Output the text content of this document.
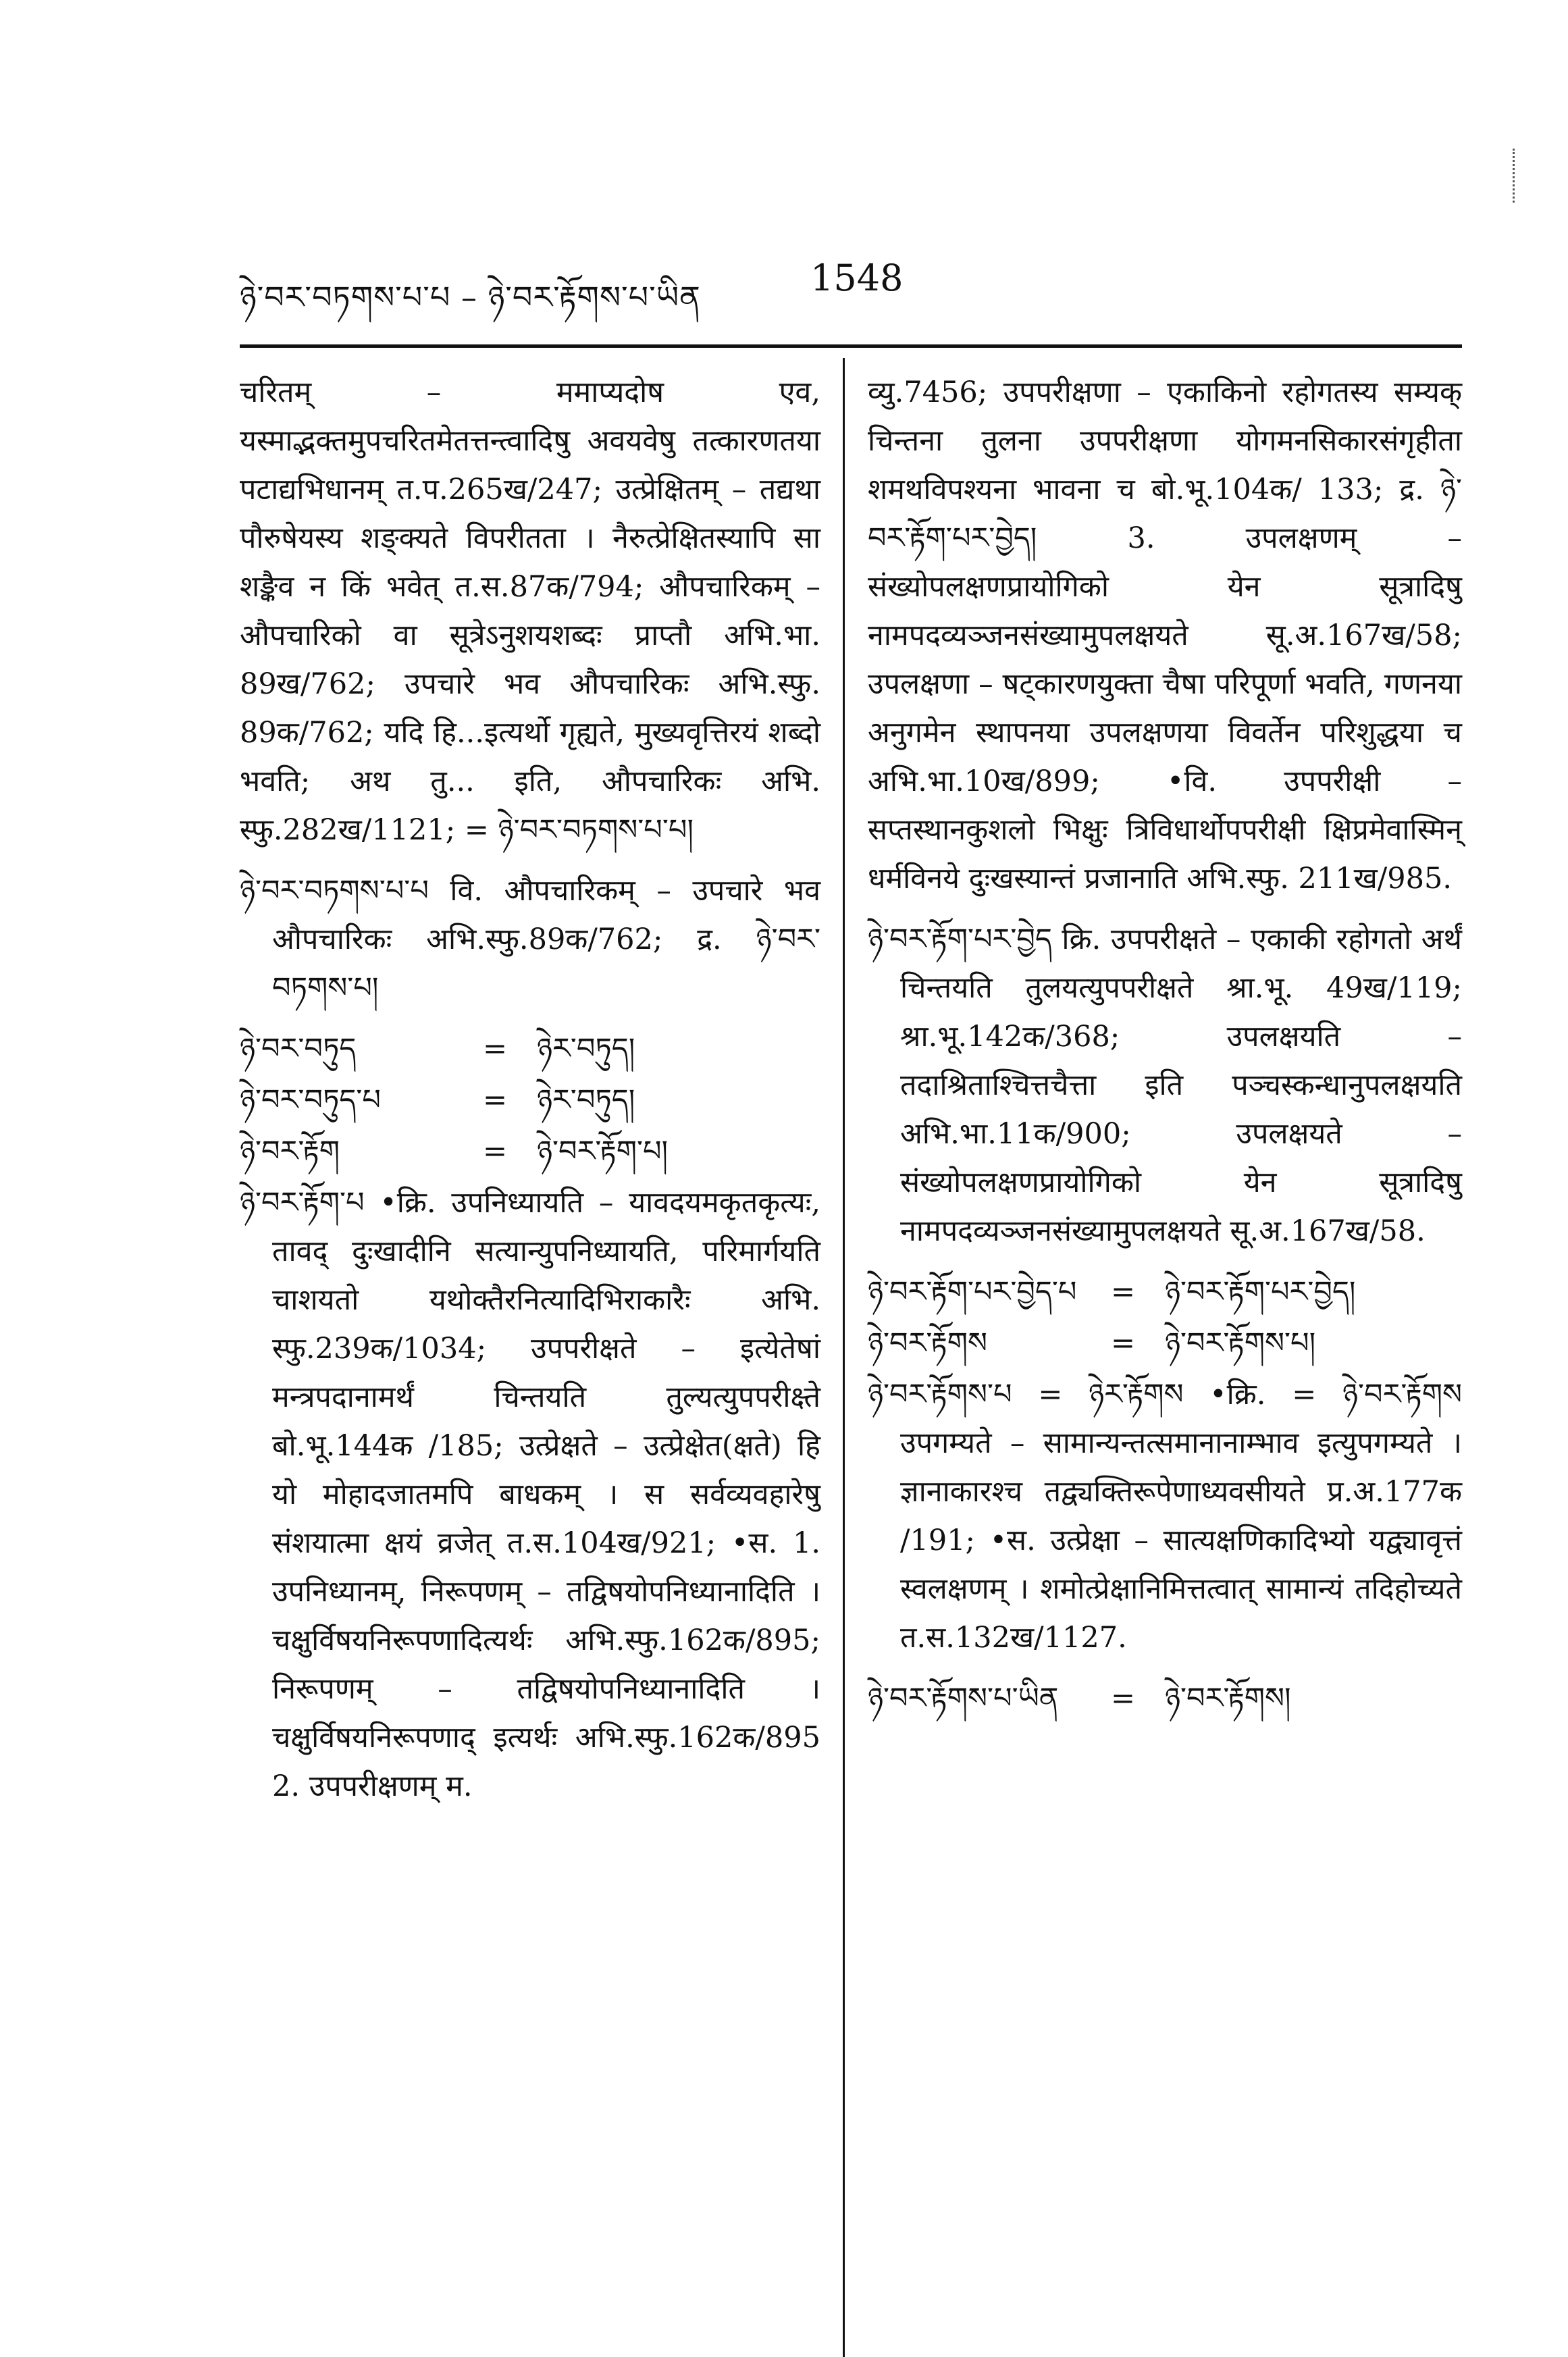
ཉེ་བར་བཏགས་པ་པ – ཉེ་བར་རྟོགས་པ་ཡིན	1548

चरितम् – ममाप्यदोष एव, यस्माद्भक्तमुपचरितमेतत्तन्त्वादिषु अवयवेषु तत्कारणतया पटाद्यभिधानम् त.प.265ख/247; उत्प्रेक्षितम् – तद्यथा पौरुषेयस्य शङ्क्यते विपरीतता । नैरुत्प्रेक्षितस्यापि सा शङ्कैव न किं भवेत् त.स.87क/794; औपचारिकम् – औपचारिको वा सूत्रेऽनुशयशब्दः प्राप्तौ अभि.भा. 89ख/762; उपचारे भव औपचारिकः अभि.स्फु. 89क/762; यदि हि...इत्यर्थो गृह्यते, मुख्यवृत्तिरयं शब्दो भवति; अथ तु... इति, औपचारिकः अभि. स्फु.282ख/1121; = ཉེ་བར་བཏགས་པ་པ།

ཉེ་བར་བཏགས་པ་པ वि. औपचारिकम् – उपचारे भव औपचारिकः अभि.स्फु.89क/762; द्र. ཉེ་བར་བཏགས་པ།

ཉེ་བར་བཏུད	= ཉེར་བཏུད།
ཉེ་བར་བཏུད་པ	= ཉེར་བཏུད།
ཉེ་བར་རྟོག	= ཉེ་བར་རྟོག་པ།

ཉེ་བར་རྟོག་པ •क्रि. उपनिध्यायति – यावदयमकृतकृत्यः, तावद् दुःखादीनि सत्यान्युपनिध्यायति, परिमार्गयति चाशयतो यथोक्तैरनित्यादिभिराकारैः अभि. स्फु.239क/1034; उपपरीक्षते – इत्येतेषां मन्त्रपदानामर्थं चिन्तयति तुल्यत्युपपरीक्ष्ते बो.भू.144क /185; उत्प्रेक्षते – उत्प्रेक्षेत(क्षते) हि यो मोहादजातमपि बाधकम् । स सर्वव्यवहारेषु संशयात्मा क्षयं व्रजेत् त.स.104ख/921; •स. 1. उपनिध्यानम्, निरूपणम् – तद्विषयोपनिध्यानादिति । चक्षुर्विषयनिरूपणादित्यर्थः अभि.स्फु.162क/895; निरूपणम् – तद्विषयोपनिध्यानादिति । चक्षुर्विषयनिरूपणाद् इत्यर्थः अभि.स्फु.162क/895 2. उपपरीक्षणम् म.

व्यु.7456; उपपरीक्षणा – एकाकिनो रहोगतस्य सम्यक् चिन्तना तुलना उपपरीक्षणा योगमनसिकारसंगृहीता शमथविपश्यना भावना च बो.भू.104क/ 133; द्र. ཉེ་བར་རྟོག་པར་བྱེད། 3. उपलक्षणम् – संख्योपलक्षणप्रायोगिको येन सूत्रादिषु नामपदव्यञ्जनसंख्यामुपलक्षयते सू.अ.167ख/58; उपलक्षणा – षट्कारणयुक्ता चैषा परिपूर्णा भवति, गणनया अनुगमेन स्थापनया उपलक्षणया विवर्तेन परिशुद्धया च अभि.भा.10ख/899; •वि. उपपरीक्षी – सप्तस्थानकुशलो भिक्षुः त्रिविधार्थोपपरीक्षी क्षिप्रमेवास्मिन् धर्मविनये दुःखस्यान्तं प्रजानाति अभि.स्फु. 211ख/985.

ཉེ་བར་རྟོག་པར་བྱེད क्रि. उपपरीक्षते – एकाकी रहोगतो अर्थं चिन्तयति तुलयत्युपपरीक्षते श्रा.भू. 49ख/119; श्रा.भू.142क/368; उपलक्षयति – तदाश्रिताश्चित्तचैत्ता इति पञ्चस्कन्धानुपलक्षयति अभि.भा.11क/900; उपलक्षयते – संख्योपलक्षणप्रायोगिको येन सूत्रादिषु नामपदव्यञ्जनसंख्यामुपलक्षयते सू.अ.167ख/58.

ཉེ་བར་རྟོག་པར་བྱེད་པ = ཉེ་བར་རྟོག་པར་བྱེད།
ཉེ་བར་རྟོགས	= ཉེ་བར་རྟོགས་པ།

ཉེ་བར་རྟོགས་པ = ཉེར་རྟོགས •क्रि. = ཉེ་བར་རྟོགས उपगम्यते – सामान्यन्तत्समानानाम्भाव इत्युपगम्यते । ज्ञानाकारश्च तद्व्यक्तिरूपेणाध्यवसीयते प्र.अ.177क /191; •स. उत्प्रेक्षा – सात्यक्षणिकादिभ्यो यद्व्यावृत्तं स्वलक्षणम् । शमोत्प्रेक्षानिमित्तत्वात् सामान्यं तदिहोच्यते त.स.132ख/1127.

ཉེ་བར་རྟོགས་པ་ཡིན = ཉེ་བར་རྟོགས།
